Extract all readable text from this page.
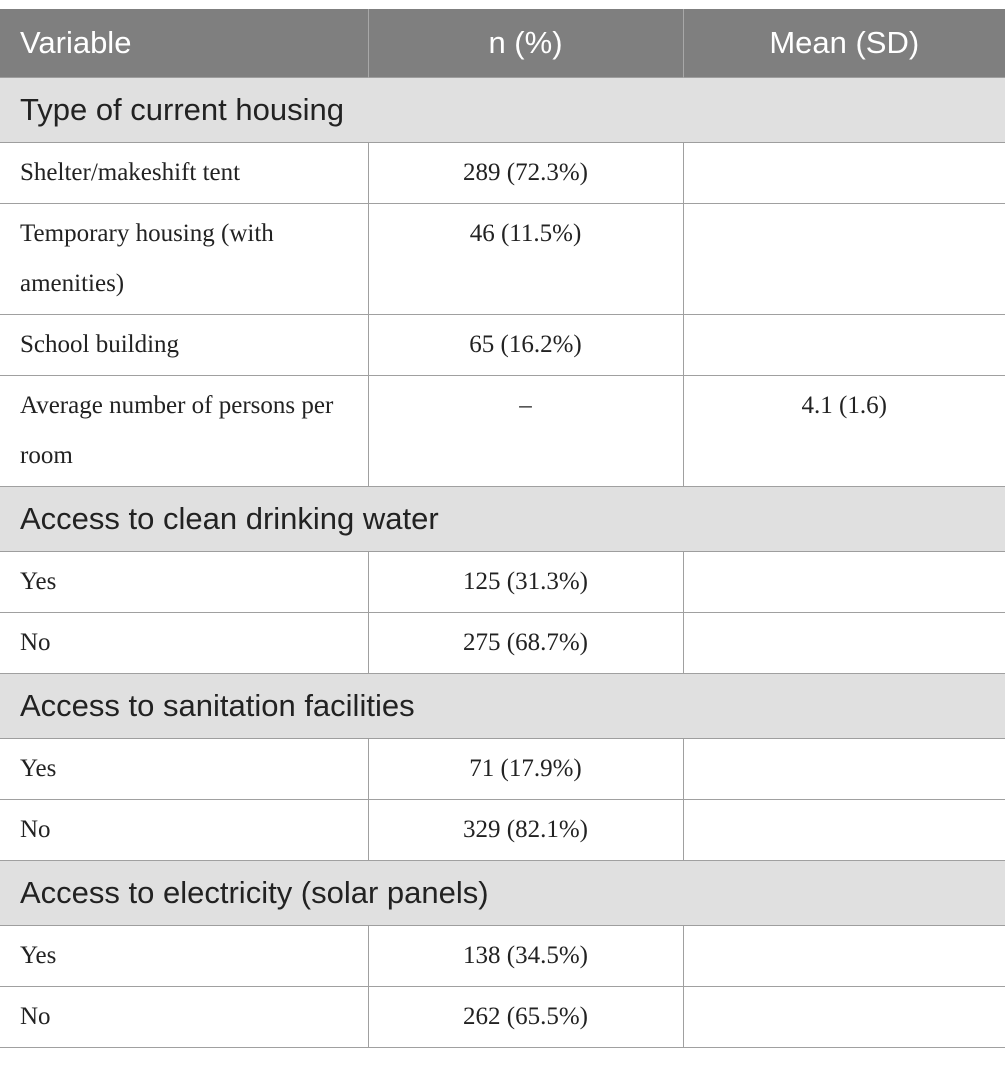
Variable	n (%)	Mean (SD)
Type of current housing		
Shelter/makeshift tent	289 (72.3%)	
Temporary housing (with amenities)	46 (11.5%)	
School building	65 (16.2%)	
Average number of persons per room	–	4.1 (1.6)
Access to clean drinking water		
Yes	125 (31.3%)	
No	275 (68.7%)	
Access to sanitation facilities		
Yes	71 (17.9%)	
No	329 (82.1%)	
Access to electricity (solar panels)		
Yes	138 (34.5%)	
No	262 (65.5%)	
